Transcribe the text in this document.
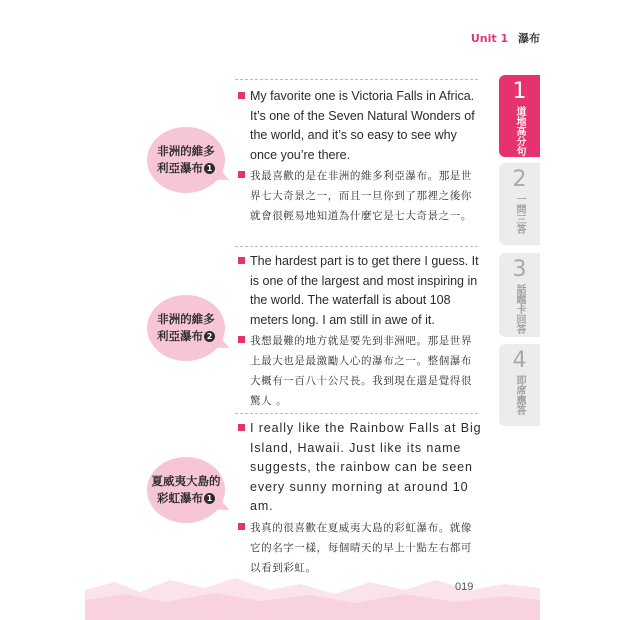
Unit 1 瀑布
1
道地高分句
2
一問三答
3
話題卡回答
4
即席應答
非洲的維多
利亞瀑布 1
My favorite one is Victoria Falls in Africa. It’s one of the Seven Natural Wonders of the world, and it’s so easy to see why once you’re there.
我最喜歡的是在非洲的維多利亞瀑布。那是世界七大奇景之一，而且一旦你到了那裡之後你就會很輕易地知道為什麼它是七大奇景之一。
非洲的維多
利亞瀑布 2
The hardest part is to get there I guess. It is one of the largest and most inspiring in the world. The waterfall is about 108 meters long. I am still in awe of it.
我想最難的地方就是要先到非洲吧。那是世界上最大也是最激勵人心的瀑布之一。整個瀑布大概有一百八十公尺長。我到現在還是覺得很驚人 。
夏威夷大島的
彩虹瀑布 1
I really like the Rainbow Falls at Big Island, Hawaii. Just like its name suggests, the rainbow can be seen every sunny morning at around 10 am.
我真的很喜歡在夏威夷大島的彩虹瀑布。就像它的名字一樣，每個晴天的早上十點左右都可以看到彩虹。
019
